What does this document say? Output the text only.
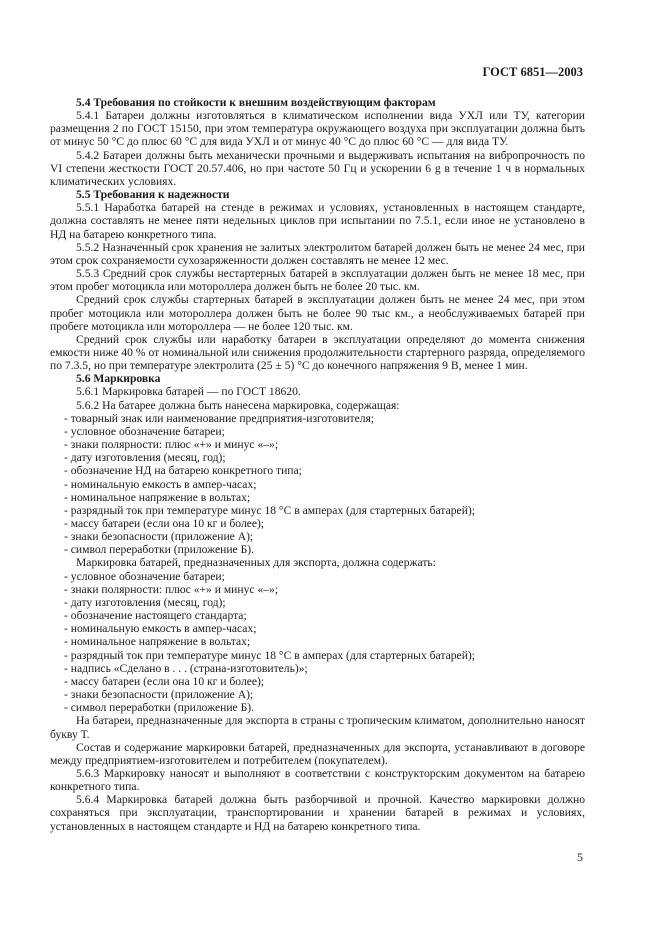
ГОСТ 6851—2003
5.4 Требования по стойкости к внешним воздействующим факторам

5.4.1 Батареи должны изготовляться в климатическом исполнении вида УХЛ или ТУ, категории размещения 2 по ГОСТ 15150, при этом температура окружающего воздуха при эксплуатации должна быть от минус 50 °С до плюс 60 °С для вида УХЛ и от минус 40 °С до плюс 60 °С — для вида ТУ.

5.4.2 Батареи должны быть механически прочными и выдерживать испытания на вибропрочность по VI степени жесткости ГОСТ 20.57.406, но при частоте 50 Гц и ускорении 6 g в течение 1 ч в нормальных климатических условиях.

5.5 Требования к надежности

5.5.1 Наработка батарей на стенде в режимах и условиях, установленных в настоящем стандарте, должна составлять не менее пяти недельных циклов при испытании по 7.5.1, если иное не установлено в НД на батарею конкретного типа.

5.5.2 Назначенный срок хранения не залитых электролитом батарей должен быть не менее 24 мес, при этом срок сохраняемости сухозаряженности должен составлять не менее 12 мес.

5.5.3 Средний срок службы нестартерных батарей в эксплуатации должен быть не менее 18 мес, при этом пробег мотоцикла или мотороллера должен быть не более 20 тыс. км.

Средний срок службы стартерных батарей в эксплуатации должен быть не менее 24 мес, при этом пробег мотоцикла или мотороллера должен быть не более 90 тыс км., а необслуживаемых батарей при пробеге мотоцикла или мотороллера — не более 120 тыс. км.

Средний срок службы или наработку батареи в эксплуатации определяют до момента снижения емкости ниже 40 % от номинальной или снижения продолжительности стартерного разряда, определяемого по 7.3.5, но при температуре электролита (25 ± 5) °С до конечного напряжения 9 В, менее 1 мин.

5.6 Маркировка

5.6.1 Маркировка батарей — по ГОСТ 18620.

5.6.2 На батарее должна быть нанесена маркировка, содержащая:

- товарный знак или наименование предприятия-изготовителя;
- условное обозначение батареи;
- знаки полярности: плюс «+» и минус «–»;
- дату изготовления (месяц, год);
- обозначение НД на батарею конкретного типа;
- номинальную емкость в ампер-часах;
- номинальное напряжение в вольтах;
- разрядный ток при температуре минус 18 °С в амперах (для стартерных батарей);
- массу батареи (если она 10 кг и более);
- знаки безопасности (приложение А);
- символ переработки (приложение Б).

Маркировка батарей, предназначенных для экспорта, должна содержать:

- условное обозначение батареи;
- знаки полярности: плюс «+» и минус «–»;
- дату изготовления (месяц, год);
- обозначение настоящего стандарта;
- номинальную емкость в ампер-часах;
- номинальное напряжение в вольтах;
- разрядный ток при температуре минус 18 °С в амперах (для стартерных батарей);
- надпись «Сделано в . . . (страна-изготовитель)»;
- массу батареи (если она 10 кг и более);
- знаки безопасности (приложение А);
- символ переработки (приложение Б).

На батареи, предназначенные для экспорта в страны с тропическим климатом, дополнительно наносят букву Т.

Состав и содержание маркировки батарей, предназначенных для экспорта, устанавливают в договоре между предприятием-изготовителем и потребителем (покупателем).

5.6.3 Маркировку наносят и выполняют в соответствии с конструкторским документом на батарею конкретного типа.

5.6.4 Маркировка батарей должна быть разборчивой и прочной. Качество маркировки должно сохраняться при эксплуатации, транспортировании и хранении батарей в режимах и условиях, установленных в настоящем стандарте и НД на батарею конкретного типа.

5
